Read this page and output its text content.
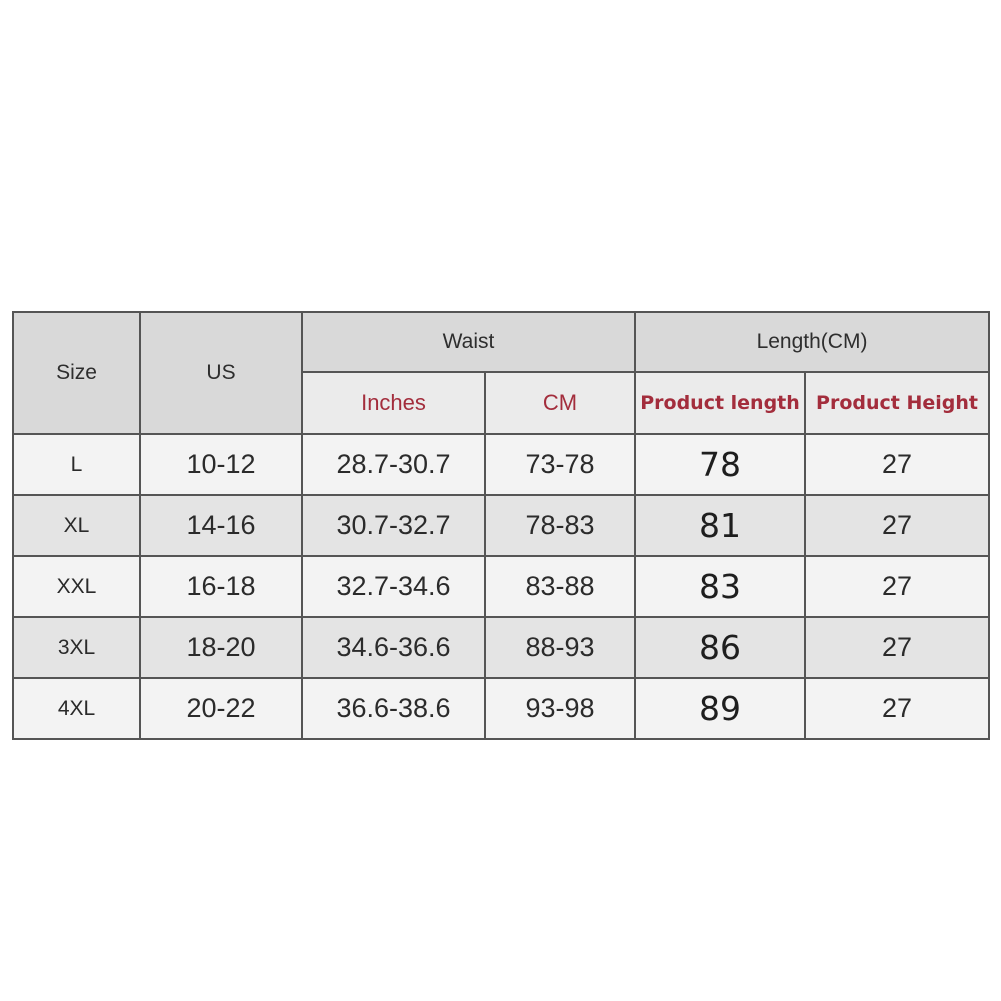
Size	US	Waist		Length(CM)	
		Inches	CM	Product length	Product Height
L	10-12	28.7-30.7	73-78	78	27
XL	14-16	30.7-32.7	78-83	81	27
XXL	16-18	32.7-34.6	83-88	83	27
3XL	18-20	34.6-36.6	88-93	86	27
4XL	20-22	36.6-38.6	93-98	89	27
